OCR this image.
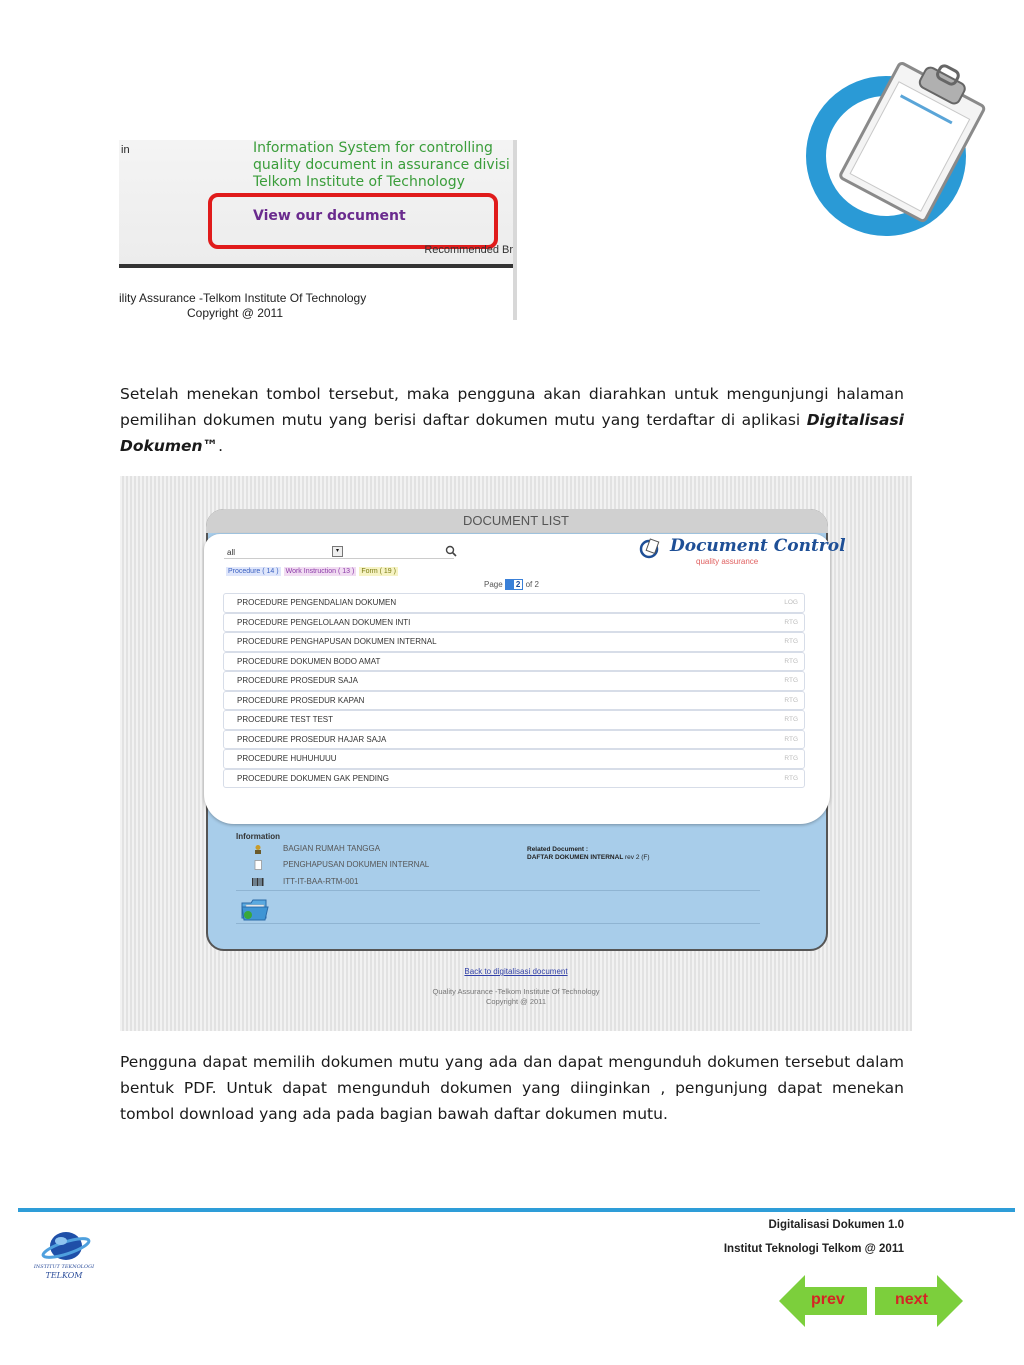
in	Information System for controlling
quality document in assurance divisi
Telkom Institute of Technology
View our document
Recommended Br
ility Assurance -Telkom Institute Of Technology
Copyright @ 2011
Setelah menekan tombol tersebut, maka pengguna akan diarahkan untuk mengunjungi halaman pemilihan dokumen mutu yang berisi daftar dokumen mutu yang terdaftar di aplikasi Digitalisasi Dokumen™.
DOCUMENT LIST
all	▾
Procedure ( 14 ) Work Instruction ( 13 ) Form ( 19 )
Page 2 of 2
Document Control
quality assurance
PROCEDURE PENGENDALIAN DOKUMEN	LOG
PROCEDURE PENGELOLAAN DOKUMEN INTI	RTG
PROCEDURE PENGHAPUSAN DOKUMEN INTERNAL	RTG
PROCEDURE DOKUMEN BODO AMAT	RTG
PROCEDURE PROSEDUR SAJA	RTG
PROCEDURE PROSEDUR KAPAN	RTG
PROCEDURE TEST TEST	RTG
PROCEDURE PROSEDUR HAJAR SAJA	RTG
PROCEDURE HUHUHUUU	RTG
PROCEDURE DOKUMEN GAK PENDING	RTG
Information
BAGIAN RUMAH TANGGA
PENGHAPUSAN DOKUMEN INTERNAL
ITT-IT-BAA-RTM-001
Related Document :
DAFTAR DOKUMEN INTERNAL rev 2 (F)
Back to digitalisasi document
Quality Assurance -Telkom Institute Of Technology
Copyright @ 2011
Pengguna dapat memilih dokumen mutu yang ada dan dapat mengunduh dokumen tersebut dalam bentuk PDF. Untuk dapat mengunduh dokumen yang diinginkan , pengunjung dapat menekan tombol download yang ada pada bagian bawah daftar dokumen mutu.
INSTITUT TEKNOLOGI
TELKOM
Digitalisasi Dokumen 1.0
Institut Teknologi Telkom @ 2011
prev	next
